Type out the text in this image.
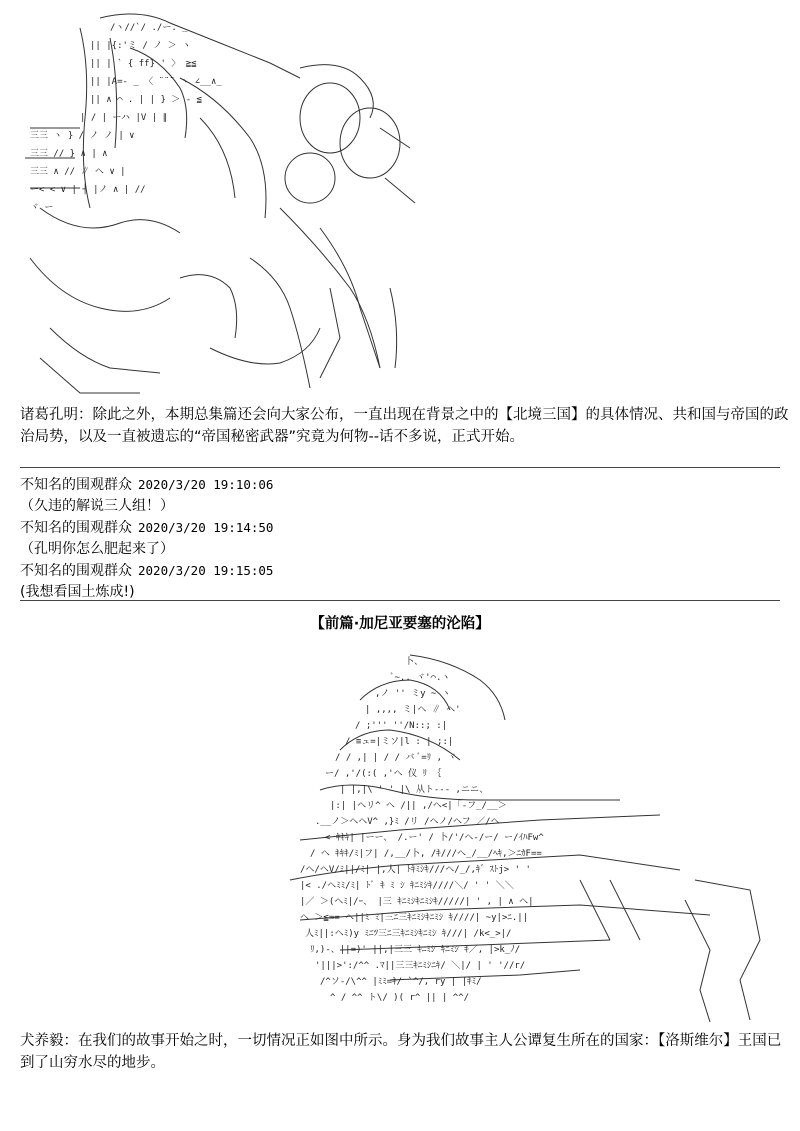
/ヽ//`/ ./ー. _
|| |{:'ミ / ノ ＞ ヽ
|| | ` { ff} ' 〉 ≧≦
|| |A=- _ 〈 ¨¨¨ ヽ ∠__∧_
|| ∧ ⌒ . | | } ＞ ‐ ≦
| / | ーハ |V | ∥
三三 ヽ } / ノ ノ | ∨
三三 // } ∧ | ∧
三三 ∧ // ∥ ヘ ∨ |
ー< < ∨ | ┤ |ノ ∧ | //
ヾ ー
诸葛孔明：除此之外，本期总集篇还会向大家公布，一直出现在背景之中的【北境三国】的具体情况、共和国与帝国的政治局势，以及一直被遗忘的“帝国秘密武器”究竟为何物--话不多说，正式开始。
不知名的围观群众 2020/3/20 19:10:06
（久违的解说三人组！）
不知名的围观群众 2020/3/20 19:14:50
（孔明你怎么肥起来了）
不知名的围观群众 2020/3/20 19:15:05
(我想看国土炼成!)
【前篇·加尼亚要塞的沦陷】
卜、
ﾞ~.. ヾ'⌒.ヽ
,ノ '' ミy ~ ヽ
| ,,,, ミ|ヘ ∥ ヘ'
/ ;''' ''/N::; :|
/ ≡ュ=|ミソ|l : | ;:|
/ / ,| | / / バ ﾞ=ﾘ , ヾ
ー/ ,'/(:( ,'ヘ 仪 ﾘ ｛
| |,|\ ' ' |\ 从ト‐-‐ ,ニニ、
|:| |ヘリ^ ヘ /|| ,/ヘ<|「‐フ_/__＞
.__ノ＞ヘヘV^ ,}ﾐ /リ /ヘノ/ヘフ ／/ヘ
< ｷｷｷ| |ーー、 /.ー' / 卜/'/ヘ-/ー/ ー/ｲﾊFw^
/ ヘ ｷｷｷ/ﾐ|フ| /,__/卜, /ｷ///ヘ_/__/ﾍｷ,＞ﾆｶF==
/ヘ/ヘV/ﾐ||/ﾐ| |,人| ﾄｷﾐｼｷ///ヘ/_/,ｷ゛ｽﾄj> ' '
|< ./ヘﾐﾐ/ﾐ| ﾄﾞ ｷ ﾐ ｼ ｷﾆﾐｼｷ////＼/ ' ' ＼＼
|／ ＞(ヘﾐ|/ｰ、 |三 ｷﾆﾐｼｷﾆﾐｼｷ/////| ' , | ∧ ヘ|
ヘ ＞≦== ヘ||ﾐ ﾐ|三ﾆ三ｷﾆﾐｼｷﾆﾐｼ ｷ////| ~y|>ﾆ.||
人ﾐ||:ヘﾐ)y ﾐﾆﾂ三ﾆ三ｷﾆﾐｼｷﾆﾐｼ ｷ///| /k<_>|/
ﾘ,)-、||=)' ||,|三三 ｷﾆﾐｼ ｷﾆﾐｼ ｷ／, |>k_ﾉ/
'|||>':/^^ .ﾏ||三三ｷﾆﾐｼﾆｷ/ ＼|/ | ' '//r/
/^ソ-/\^^ |ﾐﾐ=ｷ/ `^/, ry | |ｷﾐ/
^ / ^^ ト\/ )( r^ || | ^^/
犬养毅：在我们的故事开始之时，一切情况正如图中所示。身为我们故事主人公谭复生所在的国家：【洛斯维尔】王国已到了山穷水尽的地步。
